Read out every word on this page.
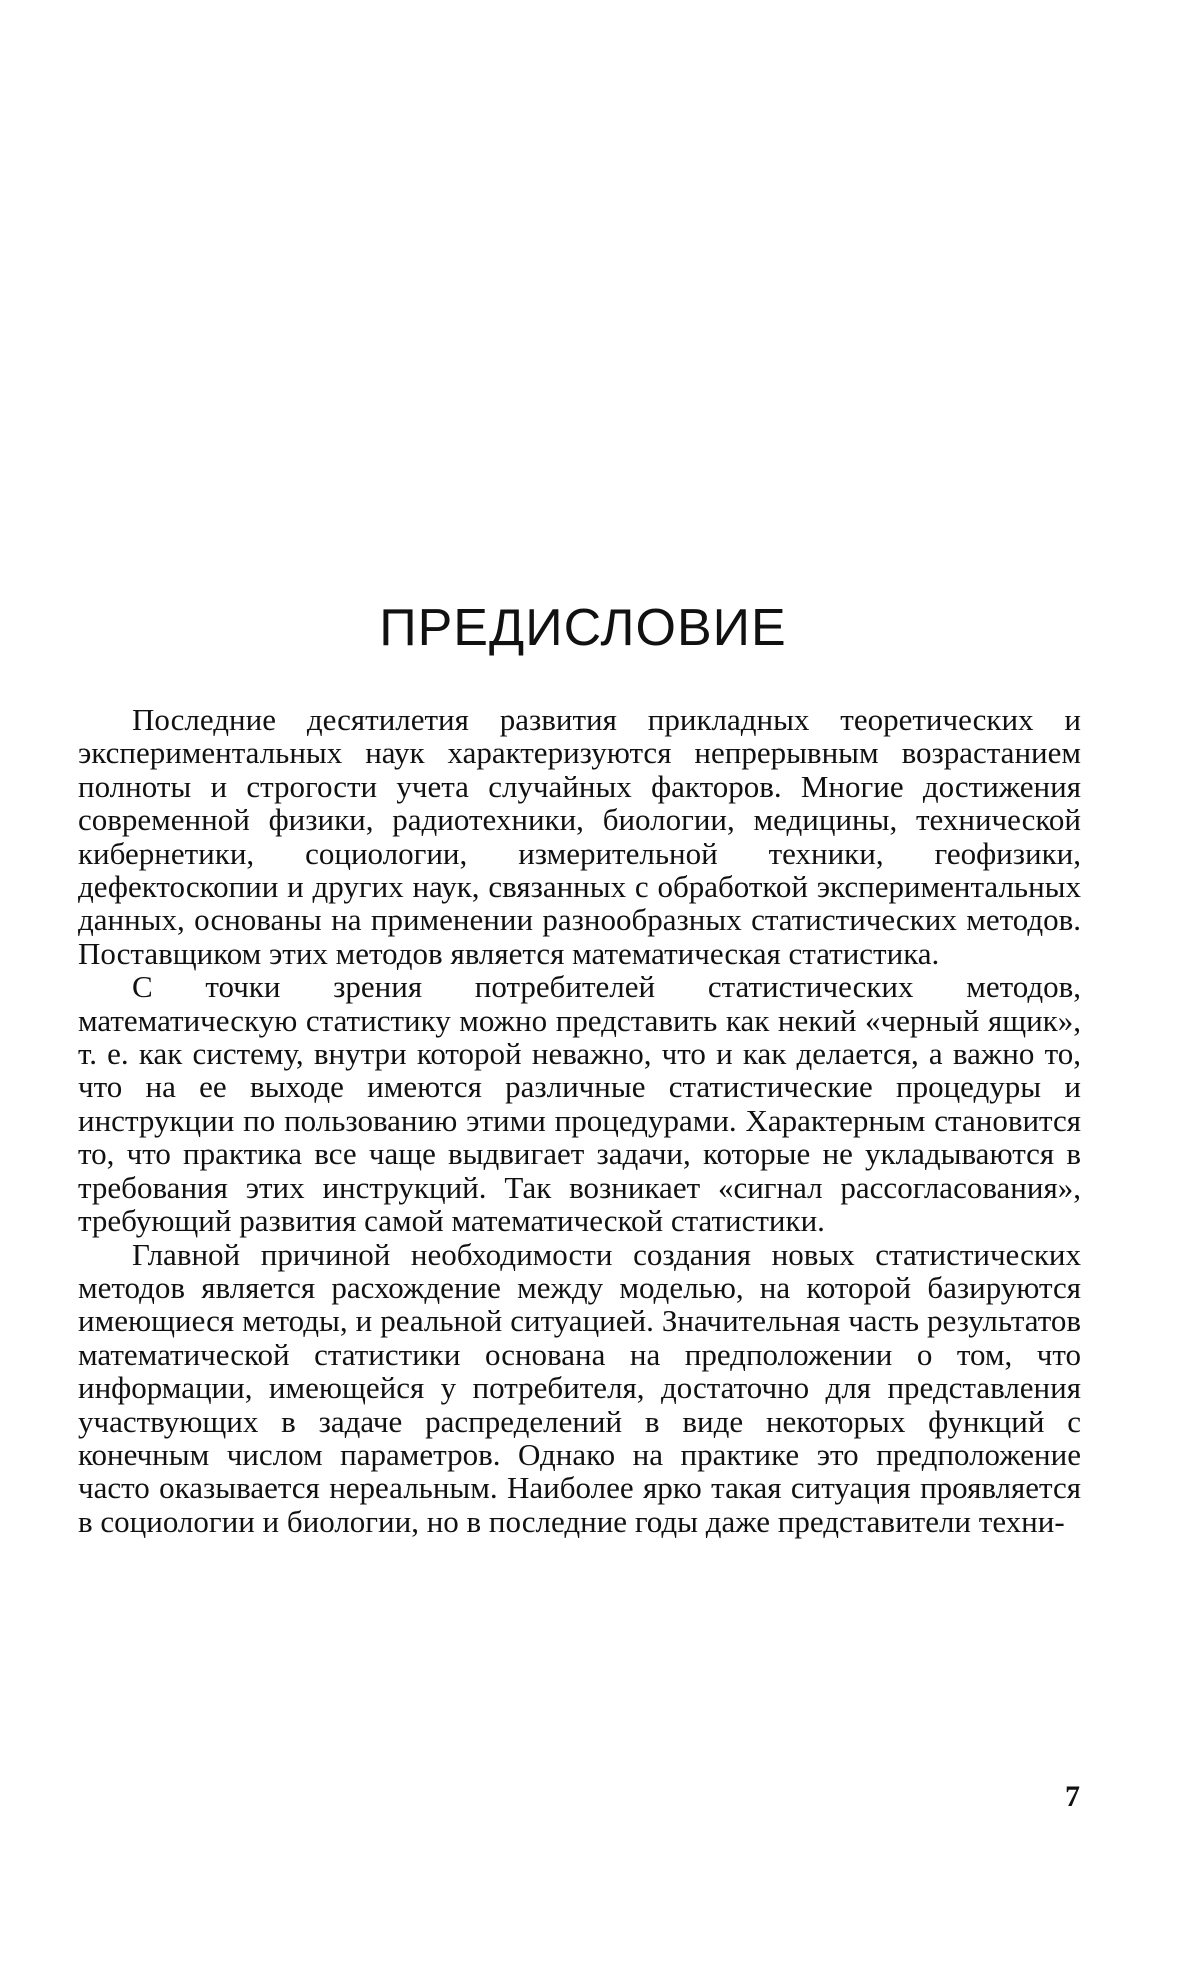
ПРЕДИСЛОВИЕ

Последние десятилетия развития прикладных теоретических и экспериментальных наук характеризуются непрерывным возрастанием полноты и строгости учета случайных факторов. Многие достижения современной физики, радиотехники, биологии, медицины, технической кибернетики, социологии, измерительной техники, геофизики, дефектоскопии и других наук, связанных с обработкой экспериментальных данных, основаны на применении разнообразных статистических методов. Поставщиком этих методов является математическая статистика.

С точки зрения потребителей статистических методов, математическую статистику можно представить как некий «черный ящик», т. е. как систему, внутри которой неважно, что и как делается, а важно то, что на ее выходе имеются различные статистические процедуры и инструкции по пользованию этими процедурами. Характерным становится то, что практика все чаще выдвигает задачи, которые не укладываются в требования этих инструкций. Так возникает «сигнал рассогласования», требующий развития самой математической статистики.

Главной причиной необходимости создания новых статистических методов является расхождение между моделью, на которой базируются имеющиеся методы, и реальной ситуацией. Значительная часть результатов математической статистики основана на предположении о том, что информации, имеющейся у потребителя, достаточно для представления участвующих в задаче распределений в виде некоторых функций с конечным числом параметров. Однако на практике это предположение часто оказывается нереальным. Наиболее ярко такая ситуация проявляется в социологии и биологии, но в последние годы даже представители техни-

7
